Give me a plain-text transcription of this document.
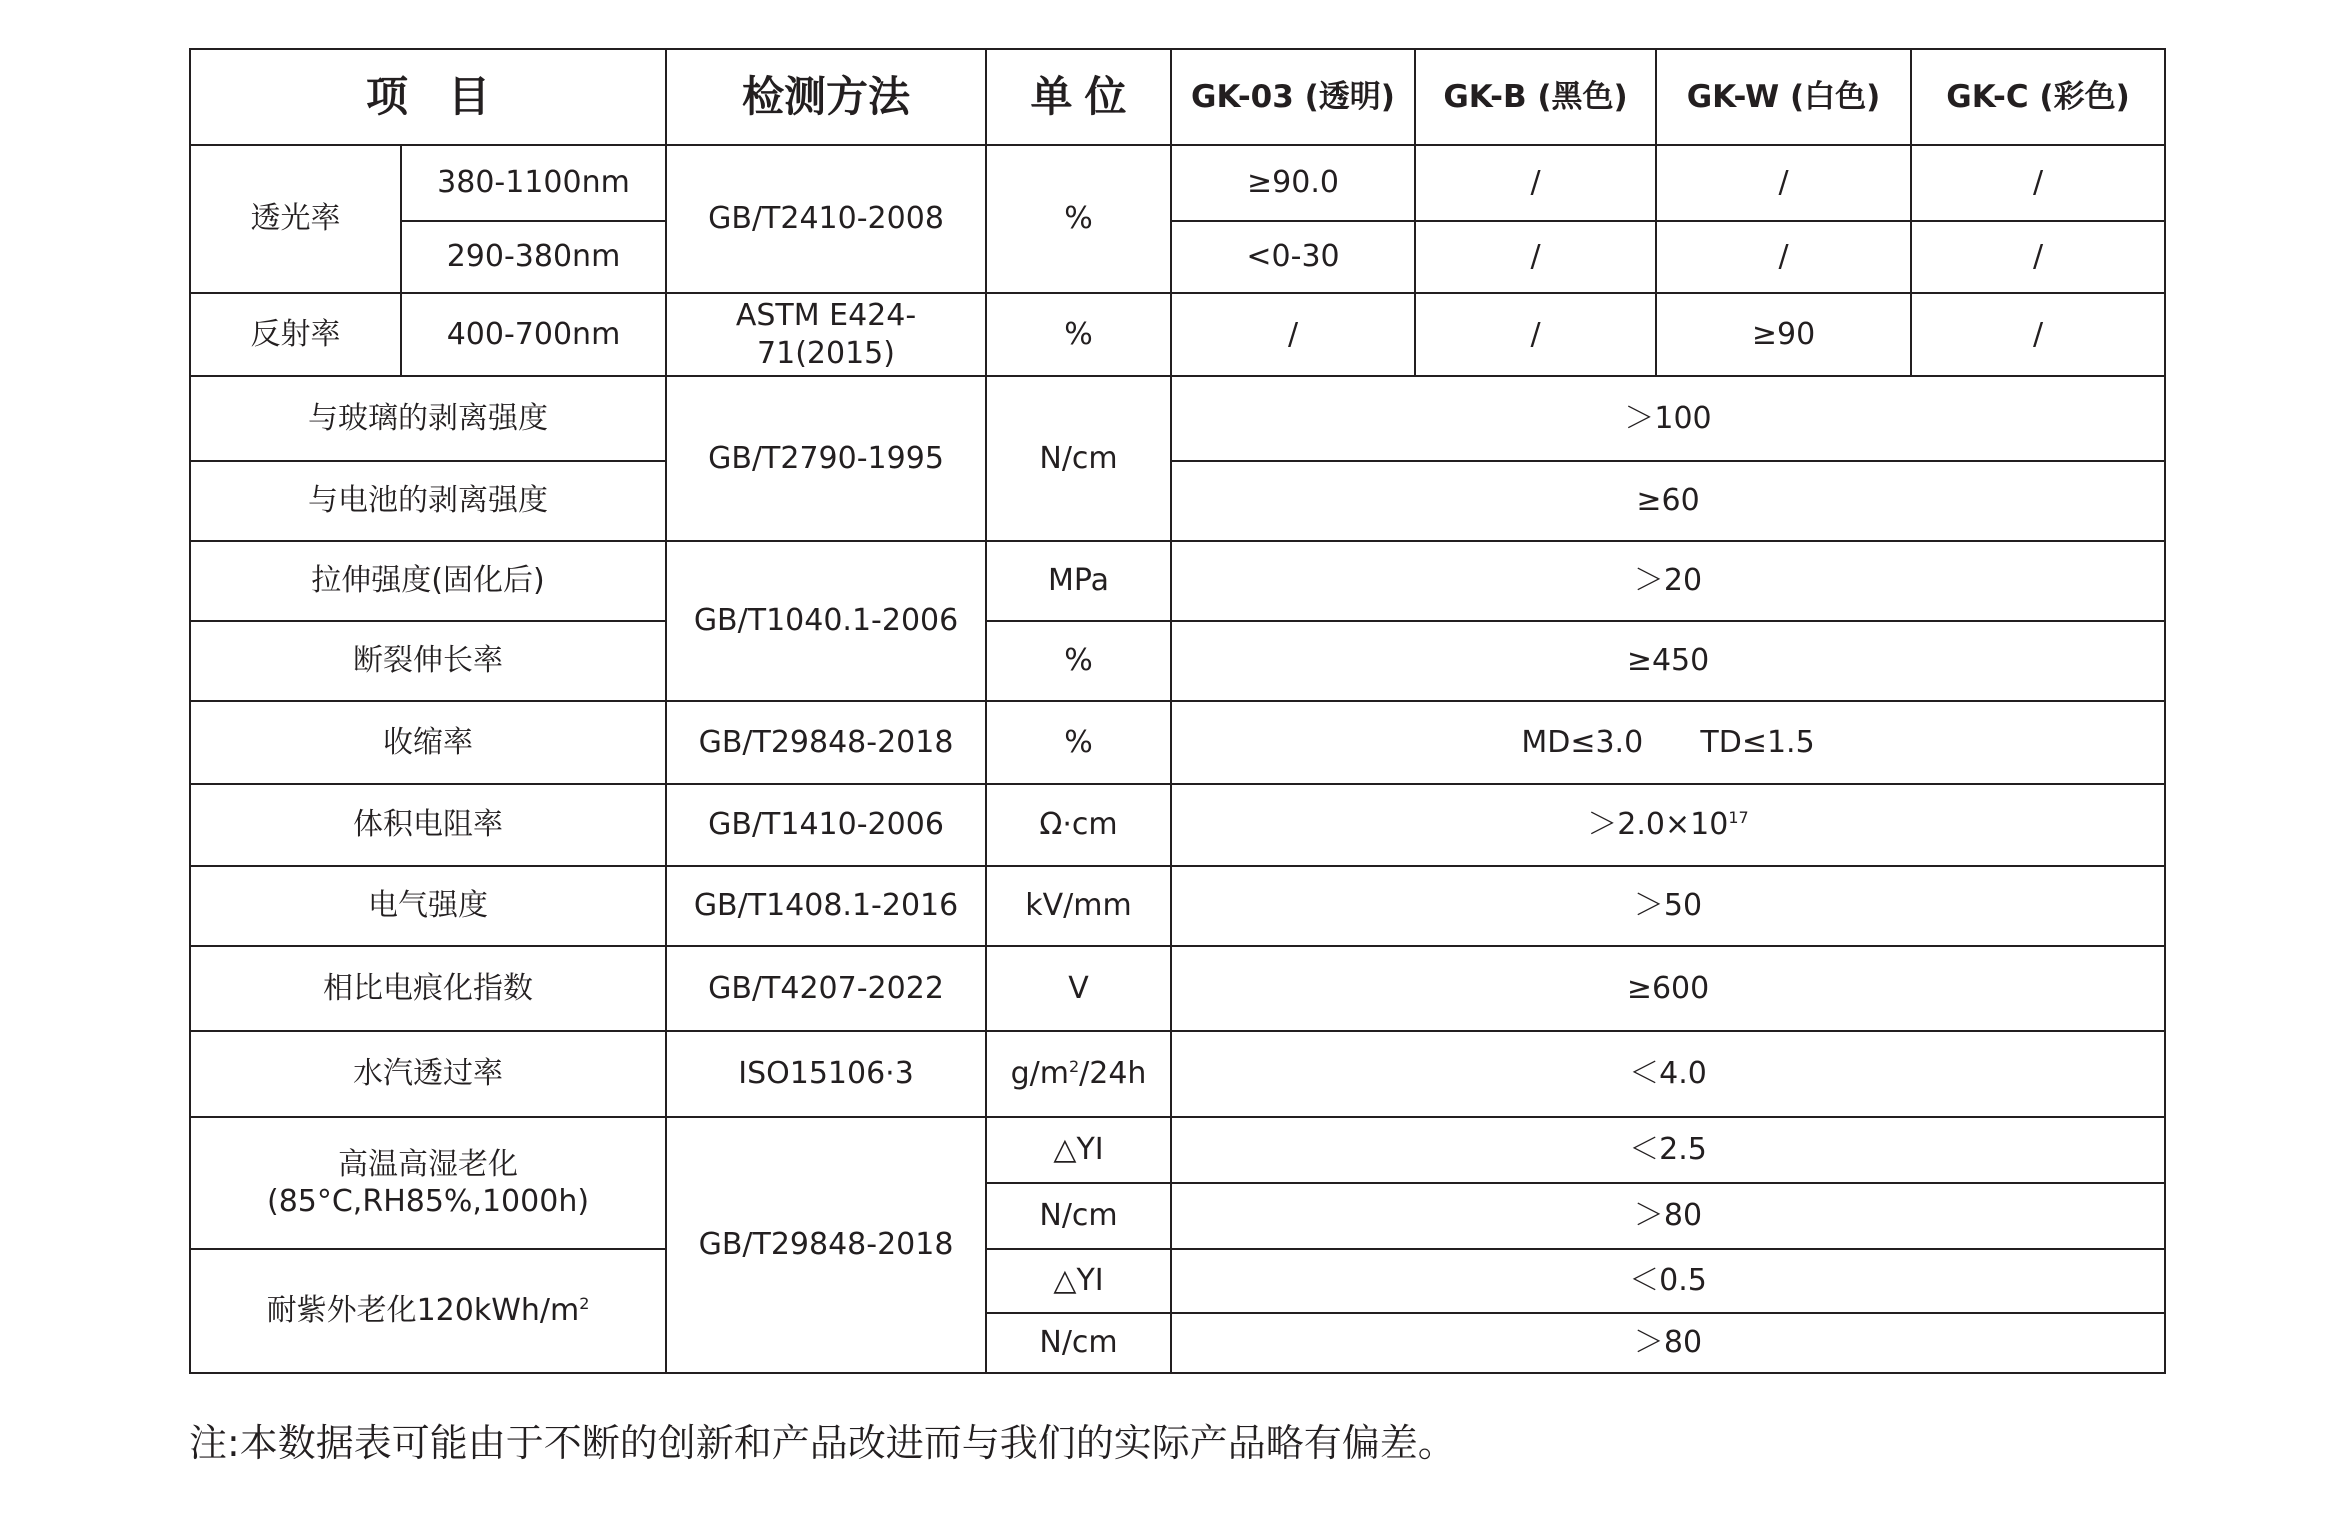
项目		检测方法	单位	GK-03 (透明)	GK-B (黑色)	GK-W (白色)	GK-C (彩色)
透光率	380-1100nm	GB/T2410-2008	%	≥90.0	/	/	/
	290-380nm			<0-30	/	/	/
反射率	400-700nm	ASTM E424-71(2015)	%	/	/	≥90	/
与玻璃的剥离强度		GB/T2790-1995	N/cm	＞100			
与电池的剥离强度				≥60			
拉伸强度(固化后)		GB/T1040.1-2006	MPa	＞20			
断裂伸长率			%	≥450			
收缩率		GB/T29848-2018	%	MD≤3.0      TD≤1.5			
体积电阻率		GB/T1410-2006	Ω·cm	$>2.0\times 10^{17}$
电气强度		GB/T1408.1-2016	kV/mm	＞50			
相比电痕化指数		GB/T4207-2022	V	≥600			
水汽透过率		ISO15106·3	$g/m^2/24h$	＜4.0			

高温高湿老化
(85°C,RH85%,1000h)		GB/T29848-2018	△YI	＜2.5			
			N/cm	＞80			
耐紫外老化$120kWh/m^2$			△YI	＜0.5			
			N/cm	＞80			
注:本数据表可能由于不断的创新和产品改进而与我们的实际产品略有偏差。
